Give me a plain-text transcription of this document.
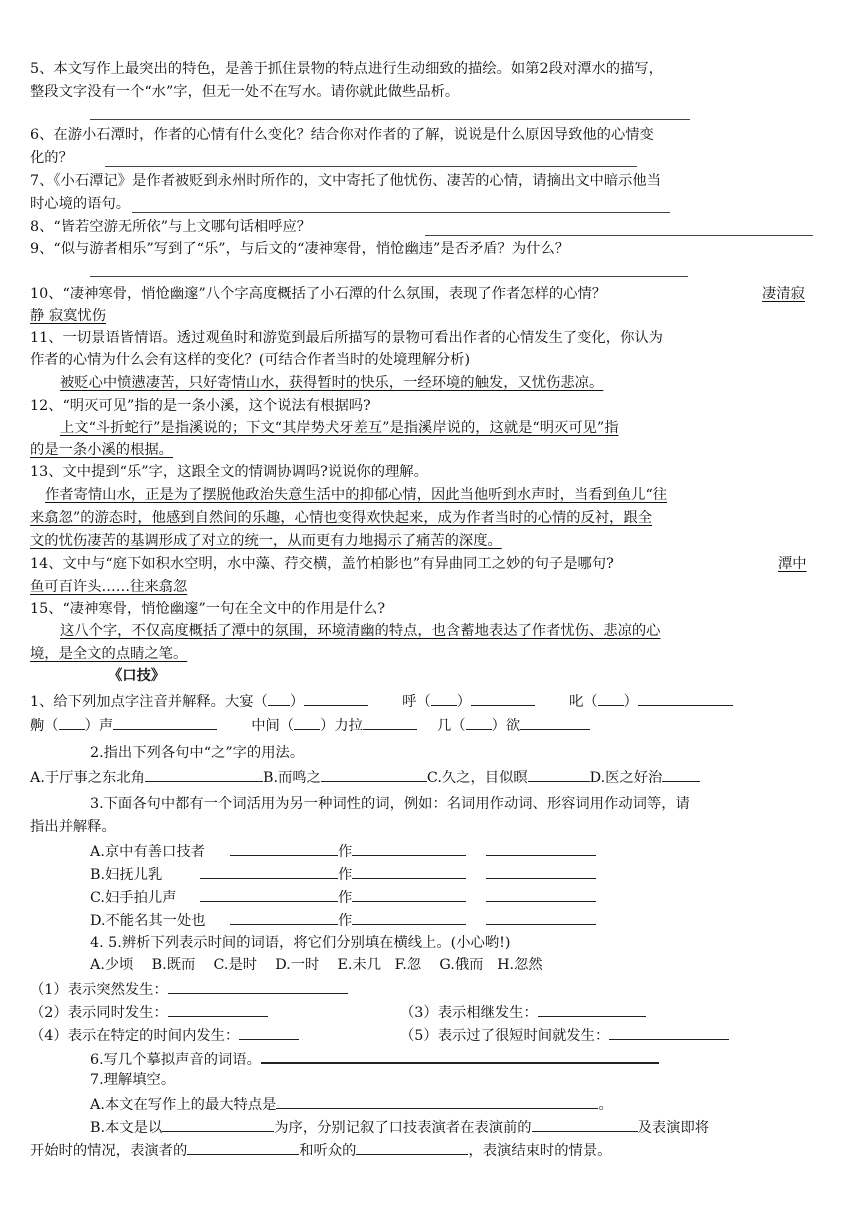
5、本文写作上最突出的特色，是善于抓住景物的特点进行生动细致的描绘。如第2段对潭水的描写，
整段文字没有一个“水”字，但无一处不在写水。请你就此做些品析。
6、在游小石潭时，作者的心情有什么变化？结合你对作者的了解，说说是什么原因导致他的心情变
化的？
7、《小石潭记》是作者被贬到永州时所作的，文中寄托了他忧伤、凄苦的心情，请摘出文中暗示他当
时心境的语句。
8、“皆若空游无所依”与上文哪句话相呼应？
9、“似与游者相乐”写到了“乐”，与后文的“凄神寒骨，悄怆幽违”是否矛盾？为什么？
10、“凄神寒骨，悄怆幽邃”八个字高度概括了小石潭的什么氛围，表现了作者怎样的心情？	凄清寂
静 寂寞忧伤
11、一切景语皆情语。透过观鱼时和游览到最后所描写的景物可看出作者的心情发生了变化，你认为
作者的心情为什么会有这样的变化？(可结合作者当时的处境理解分析)
被贬心中愤懑凄苦，只好寄情山水，获得暂时的快乐，一经环境的触发，又忧伤悲凉。
12、“明灭可见”指的是一条小溪，这个说法有根据吗?
上文“斗折蛇行”是指溪说的；下文“其岸势犬牙差互”是指溪岸说的，这就是“明灭可见”指
的是一条小溪的根据。
13、文中提到“乐”字，这跟全文的情调协调吗?说说你的理解。
作者寄情山水，正是为了摆脱他政治失意生活中的抑郁心情，因此当他听到水声时，当看到鱼儿“往
来翕忽”的游态时，他感到自然间的乐趣，心情也变得欢快起来，成为作者当时的心情的反衬，跟全
文的忧伤凄苦的基调形成了对立的统一，从而更有力地揭示了痛苦的深度。
14、文中与“庭下如积水空明，水中藻、荇交横，盖竹柏影也”有异曲同工之妙的句子是哪句?	潭中
鱼可百许头……往来翕忽
15、“凄神寒骨，悄怆幽邃”一句在全文中的作用是什么?
这八个字，不仅高度概括了潭中的氛围，环境清幽的特点，也含蓄地表达了作者忧伤、悲凉的心
境，是全文的点睛之笔。
《口技》
1、给下列加点字注音并解释。大宴（ ）	呼（ ）	叱（ ）
齁（ ）声	中间（ ）力拉	几（ ）欲
2.指出下列各句中“之”字的用法。
A.于厅事之东北角	B.而鸣之	C.久之，目似瞑	D.医之好治
3.下面各句中都有一个词活用为另一种词性的词，例如：名词用作动词、形容词用作动词等，请
指出并解释。
A.京中有善口技者	作
B.妇抚儿乳	作
C.妇手拍儿声	作
D.不能名其一处也	作
4. 5.辨析下列表示时间的词语，将它们分别填在横线上。(小心哟!)
A.少顷    B.既而    C.是时    D.一时    E.未几   F.忽    G.俄而   H.忽然
（1）表示突然发生：
（2）表示同时发生：	（3）表示相继发生：
（4）表示在特定的时间内发生：	（5）表示过了很短时间就发生：
6.写几个摹拟声音的词语。
7.理解填空。
A.本文在写作上的最大特点是	。
B.本文是以	为序，分别记叙了口技表演者在表演前的	及表演即将
开始时的情况，表演者的	和听众的	，表演结束时的情景。
